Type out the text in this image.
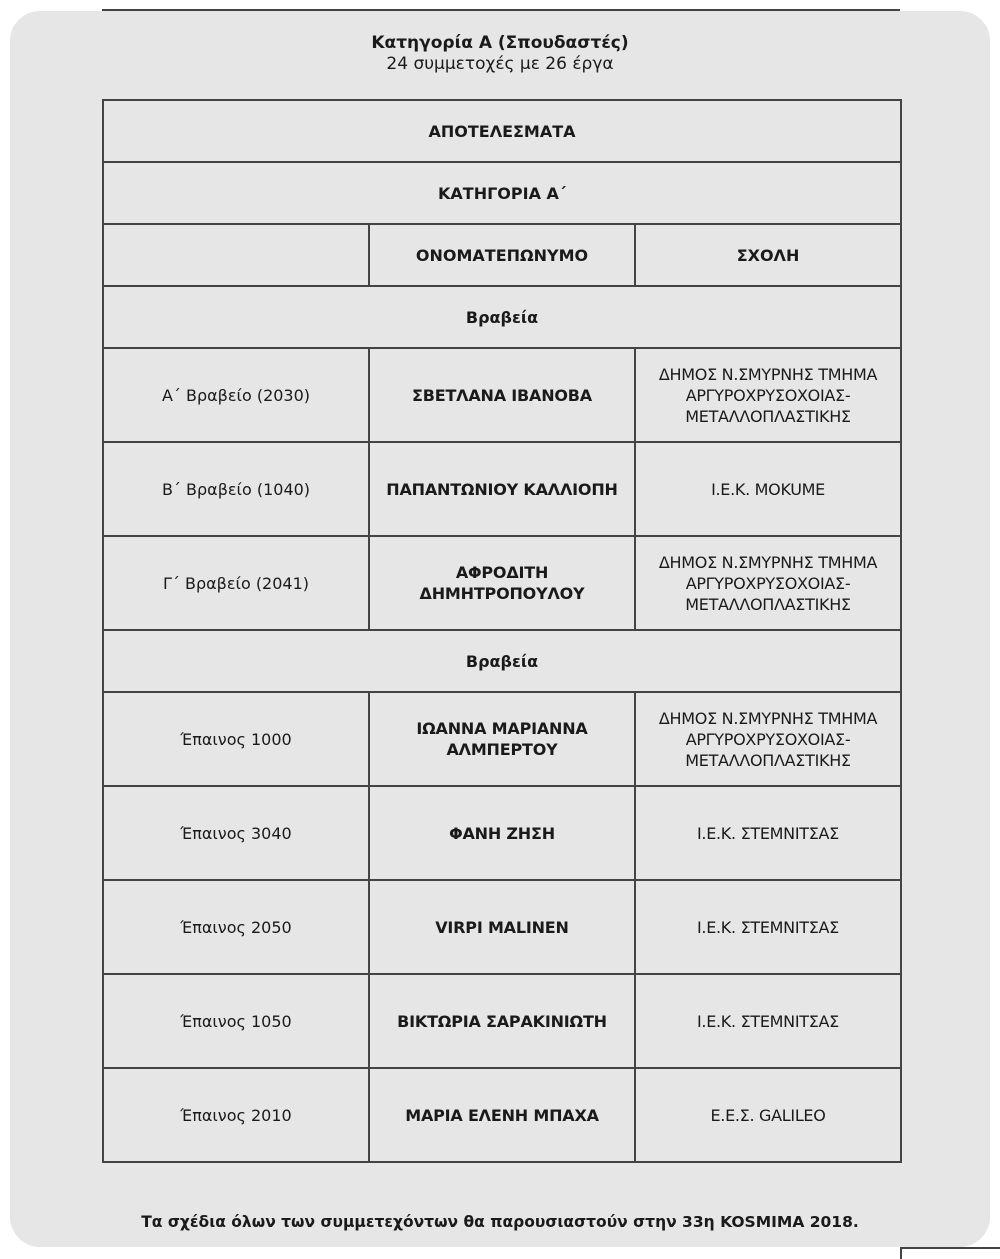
Κατηγορία Α (Σπουδαστές)
24 συμμετοχές με 26 έργα
ΑΠΟΤΕΛΕΣΜΑΤΑ		
ΚΑΤΗΓΟΡΙΑ Α΄		
	ΟΝΟΜΑΤΕΠΩΝΥΜΟ	ΣΧΟΛΗ
Βραβεία		
Α΄ Βραβείο (2030)	ΣΒΕΤΛΑΝΑ ΙΒΑΝΟΒΑ	ΔΗΜΟΣ Ν.ΣΜΥΡΝΗΣ ΤΜΗΜΑ ΑΡΓΥΡΟΧΡΥΣΟΧΟΙΑΣ-ΜΕΤΑΛΛΟΠΛΑΣΤΙΚΗΣ
Β΄ Βραβείο (1040)	ΠΑΠΑΝΤΩΝΙΟΥ ΚΑΛΛΙΟΠΗ	Ι.Ε.Κ. MOKUME
Γ΄ Βραβείο (2041)	ΑΦΡΟΔΙΤΗ ΔΗΜΗΤΡΟΠΟΥΛΟΥ	ΔΗΜΟΣ Ν.ΣΜΥΡΝΗΣ ΤΜΗΜΑ ΑΡΓΥΡΟΧΡΥΣΟΧΟΙΑΣ-ΜΕΤΑΛΛΟΠΛΑΣΤΙΚΗΣ
Βραβεία		
Έπαινος 1000	ΙΩΑΝΝΑ ΜΑΡΙΑΝΝΑ ΑΛΜΠΕΡΤΟΥ	ΔΗΜΟΣ Ν.ΣΜΥΡΝΗΣ ΤΜΗΜΑ ΑΡΓΥΡΟΧΡΥΣΟΧΟΙΑΣ-ΜΕΤΑΛΛΟΠΛΑΣΤΙΚΗΣ
Έπαινος 3040	ΦΑΝΗ ΖΗΣΗ	Ι.Ε.Κ. ΣΤΕΜΝΙΤΣΑΣ
Έπαινος 2050	VIRPI MALINEN	Ι.Ε.Κ. ΣΤΕΜΝΙΤΣΑΣ
Έπαινος 1050	ΒΙΚΤΩΡΙΑ ΣΑΡΑΚΙΝΙΩΤΗ	Ι.Ε.Κ. ΣΤΕΜΝΙΤΣΑΣ
Έπαινος 2010	ΜΑΡΙΑ ΕΛΕΝΗ ΜΠΑΧΑ	Ε.Ε.Σ. GALILEO
Τα σχέδια όλων των συμμετεχόντων θα παρουσιαστούν στην 33η KOSMIMA 2018.
